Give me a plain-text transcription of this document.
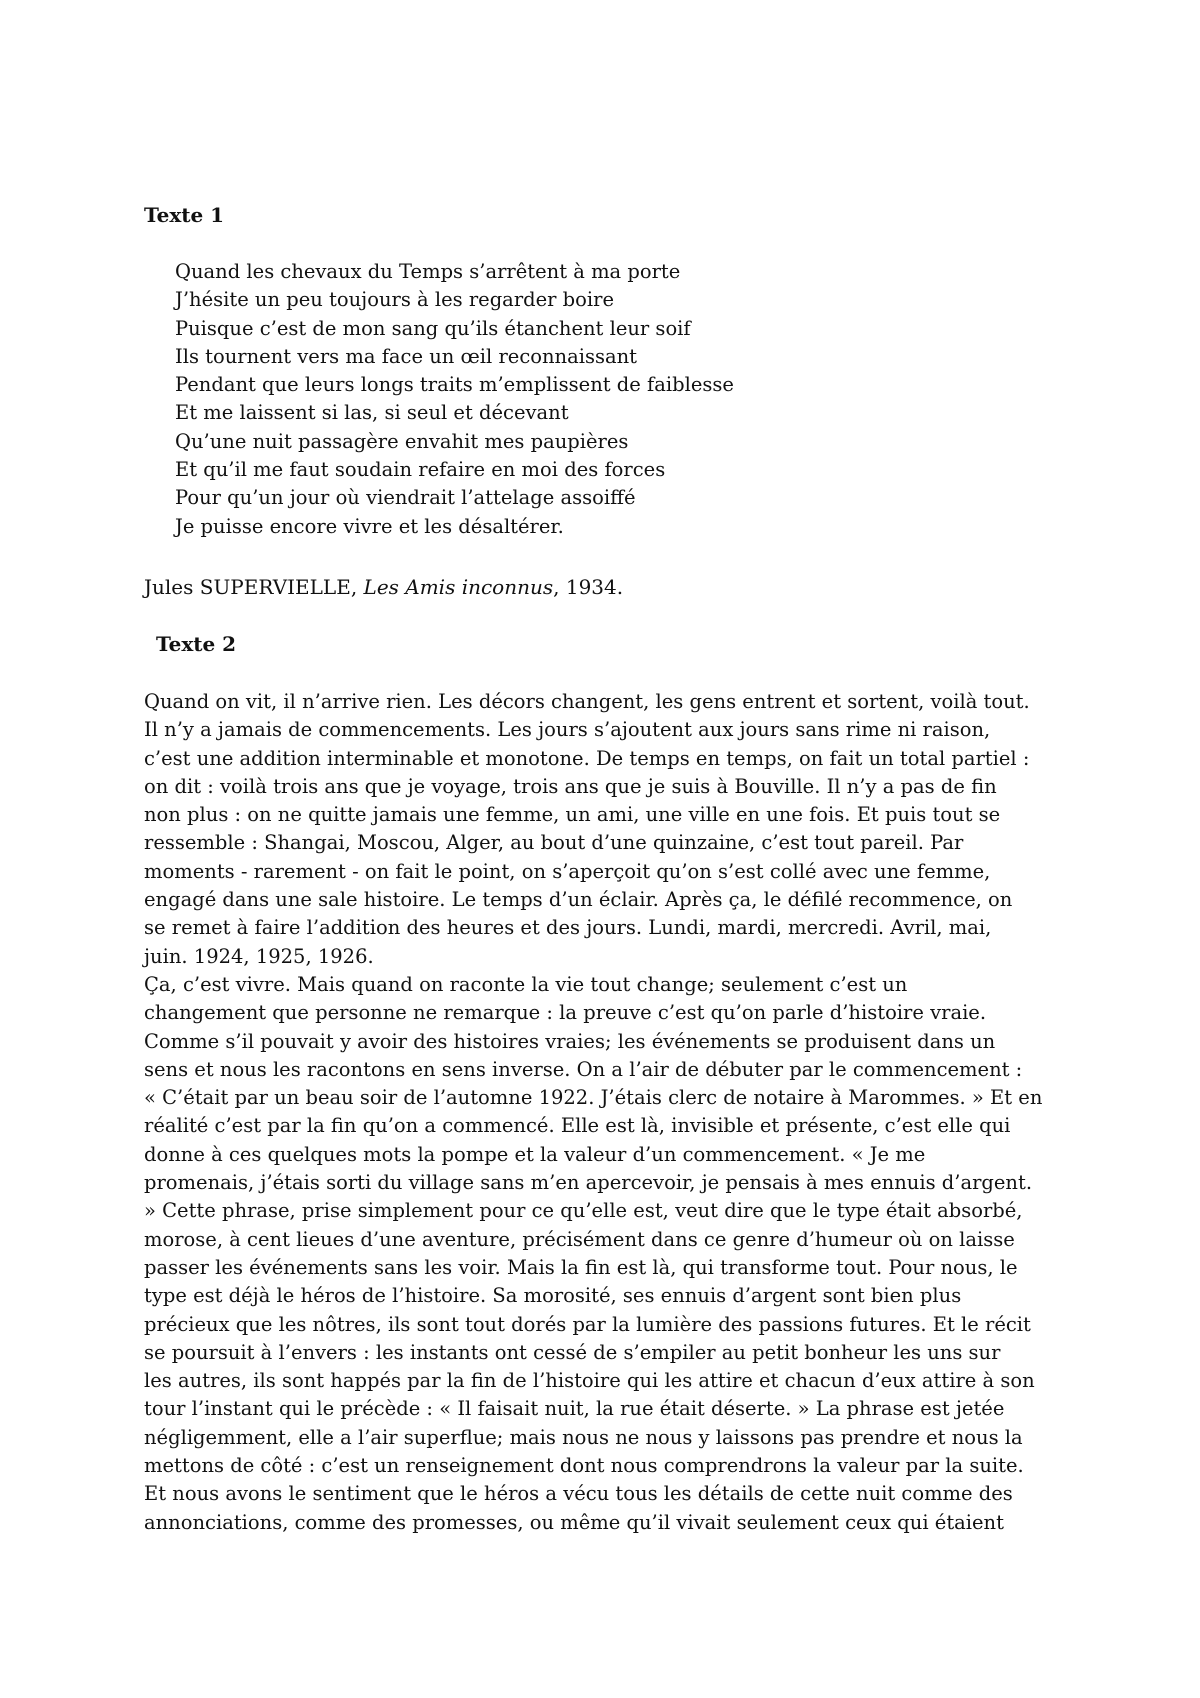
Texte 1
Quand les chevaux du Temps s’arrêtent à ma porte
J’hésite un peu toujours à les regarder boire
Puisque c’est de mon sang qu’ils étanchent leur soif
Ils tournent vers ma face un œil reconnaissant
Pendant que leurs longs traits m’emplissent de faiblesse
Et me laissent si las, si seul et décevant
Qu’une nuit passagère envahit mes paupières
Et qu’il me faut soudain refaire en moi des forces
Pour qu’un jour où viendrait l’attelage assoiffé
Je puisse encore vivre et les désaltérer.

Jules SUPERVIELLE, Les Amis inconnus, 1934.

Texte 2
Quand on vit, il n’arrive rien. Les décors changent, les gens entrent et sortent, voilà tout.
Il n’y a jamais de commencements. Les jours s’ajoutent aux jours sans rime ni raison,
c’est une addition interminable et monotone. De temps en temps, on fait un total partiel :
on dit : voilà trois ans que je voyage, trois ans que je suis à Bouville. Il n’y a pas de fin
non plus : on ne quitte jamais une femme, un ami, une ville en une fois. Et puis tout se
ressemble : Shangai, Moscou, Alger, au bout d’une quinzaine, c’est tout pareil. Par
moments - rarement - on fait le point, on s’aperçoit qu’on s’est collé avec une femme,
engagé dans une sale histoire. Le temps d’un éclair. Après ça, le défilé recommence, on
se remet à faire l’addition des heures et des jours. Lundi, mardi, mercredi. Avril, mai,
juin. 1924, 1925, 1926.
Ça, c’est vivre. Mais quand on raconte la vie tout change; seulement c’est un
changement que personne ne remarque : la preuve c’est qu’on parle d’histoire vraie.
Comme s’il pouvait y avoir des histoires vraies; les événements se produisent dans un
sens et nous les racontons en sens inverse. On a l’air de débuter par le commencement :
« C’était par un beau soir de l’automne 1922. J’étais clerc de notaire à Marommes. » Et en
réalité c’est par la fin qu’on a commencé. Elle est là, invisible et présente, c’est elle qui
donne à ces quelques mots la pompe et la valeur d’un commencement. « Je me
promenais, j’étais sorti du village sans m’en apercevoir, je pensais à mes ennuis d’argent.
» Cette phrase, prise simplement pour ce qu’elle est, veut dire que le type était absorbé,
morose, à cent lieues d’une aventure, précisément dans ce genre d’humeur où on laisse
passer les événements sans les voir. Mais la fin est là, qui transforme tout. Pour nous, le
type est déjà le héros de l’histoire. Sa morosité, ses ennuis d’argent sont bien plus
précieux que les nôtres, ils sont tout dorés par la lumière des passions futures. Et le récit
se poursuit à l’envers : les instants ont cessé de s’empiler au petit bonheur les uns sur
les autres, ils sont happés par la fin de l’histoire qui les attire et chacun d’eux attire à son
tour l’instant qui le précède : « Il faisait nuit, la rue était déserte. » La phrase est jetée
négligemment, elle a l’air superflue; mais nous ne nous y laissons pas prendre et nous la
mettons de côté : c’est un renseignement dont nous comprendrons la valeur par la suite.
Et nous avons le sentiment que le héros a vécu tous les détails de cette nuit comme des
annonciations, comme des promesses, ou même qu’il vivait seulement ceux qui étaient
